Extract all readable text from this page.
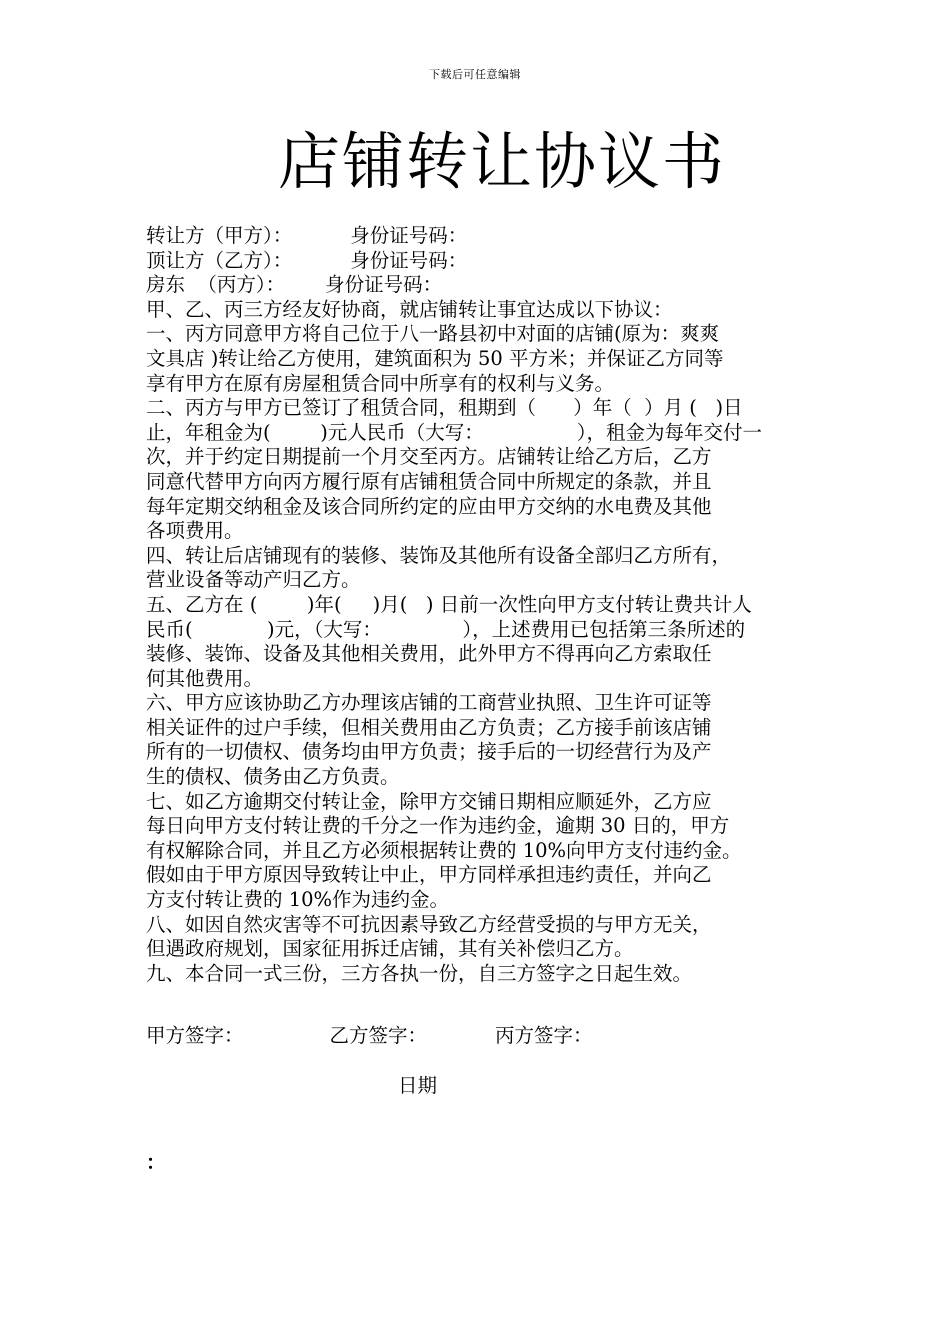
下载后可任意编辑
店铺转让协议书
转让方（甲方）：	身份证号码：
顶让方（乙方）：	身份证号码：
房东  （丙方）： 身份证号码：
甲、乙、丙三方经友好协商，就店铺转让事宜达成以下协议：
一、丙方同意甲方将自己位于八一路县初中对面的店铺(原为：爽爽
文具店 )转让给乙方使用，建筑面积为 50 平方米；并保证乙方同等
享有甲方在原有房屋租赁合同中所享有的权利与义务。
二、丙方与甲方已签订了租赁合同，租期到（      ）年（  ）月 (   )日
止，年租金为(        )元人民币（大写：               ），租金为每年交付一
次，并于约定日期提前一个月交至丙方。店铺转让给乙方后，乙方
同意代替甲方向丙方履行原有店铺租赁合同中所规定的条款，并且
每年定期交纳租金及该合同所约定的应由甲方交纳的水电费及其他
各项费用。
四、转让后店铺现有的装修、装饰及其他所有设备全部归乙方所有，
营业设备等动产归乙方。
五、乙方在 (        )年(     )月(   ) 日前一次性向甲方支付转让费共计人
民币(            )元，（大写：             ），上述费用已包括第三条所述的
装修、装饰、设备及其他相关费用，此外甲方不得再向乙方索取任
何其他费用。
六、甲方应该协助乙方办理该店铺的工商营业执照、卫生许可证等
相关证件的过户手续，但相关费用由乙方负责；乙方接手前该店铺
所有的一切债权、债务均由甲方负责；接手后的一切经营行为及产
生的债权、债务由乙方负责。
七、如乙方逾期交付转让金，除甲方交铺日期相应顺延外，乙方应
每日向甲方支付转让费的千分之一作为违约金，逾期 30 日的，甲方
有权解除合同，并且乙方必须根据转让费的 10%向甲方支付违约金。
假如由于甲方原因导致转让中止，甲方同样承担违约责任，并向乙
方支付转让费的 10%作为违约金。
八、如因自然灾害等不可抗因素导致乙方经营受损的与甲方无关，
但遇政府规划，国家征用拆迁店铺，其有关补偿归乙方。
九、本合同一式三份，三方各执一份，自三方签字之日起生效。
甲方签字：	乙方签字：	丙方签字：
日期
：
